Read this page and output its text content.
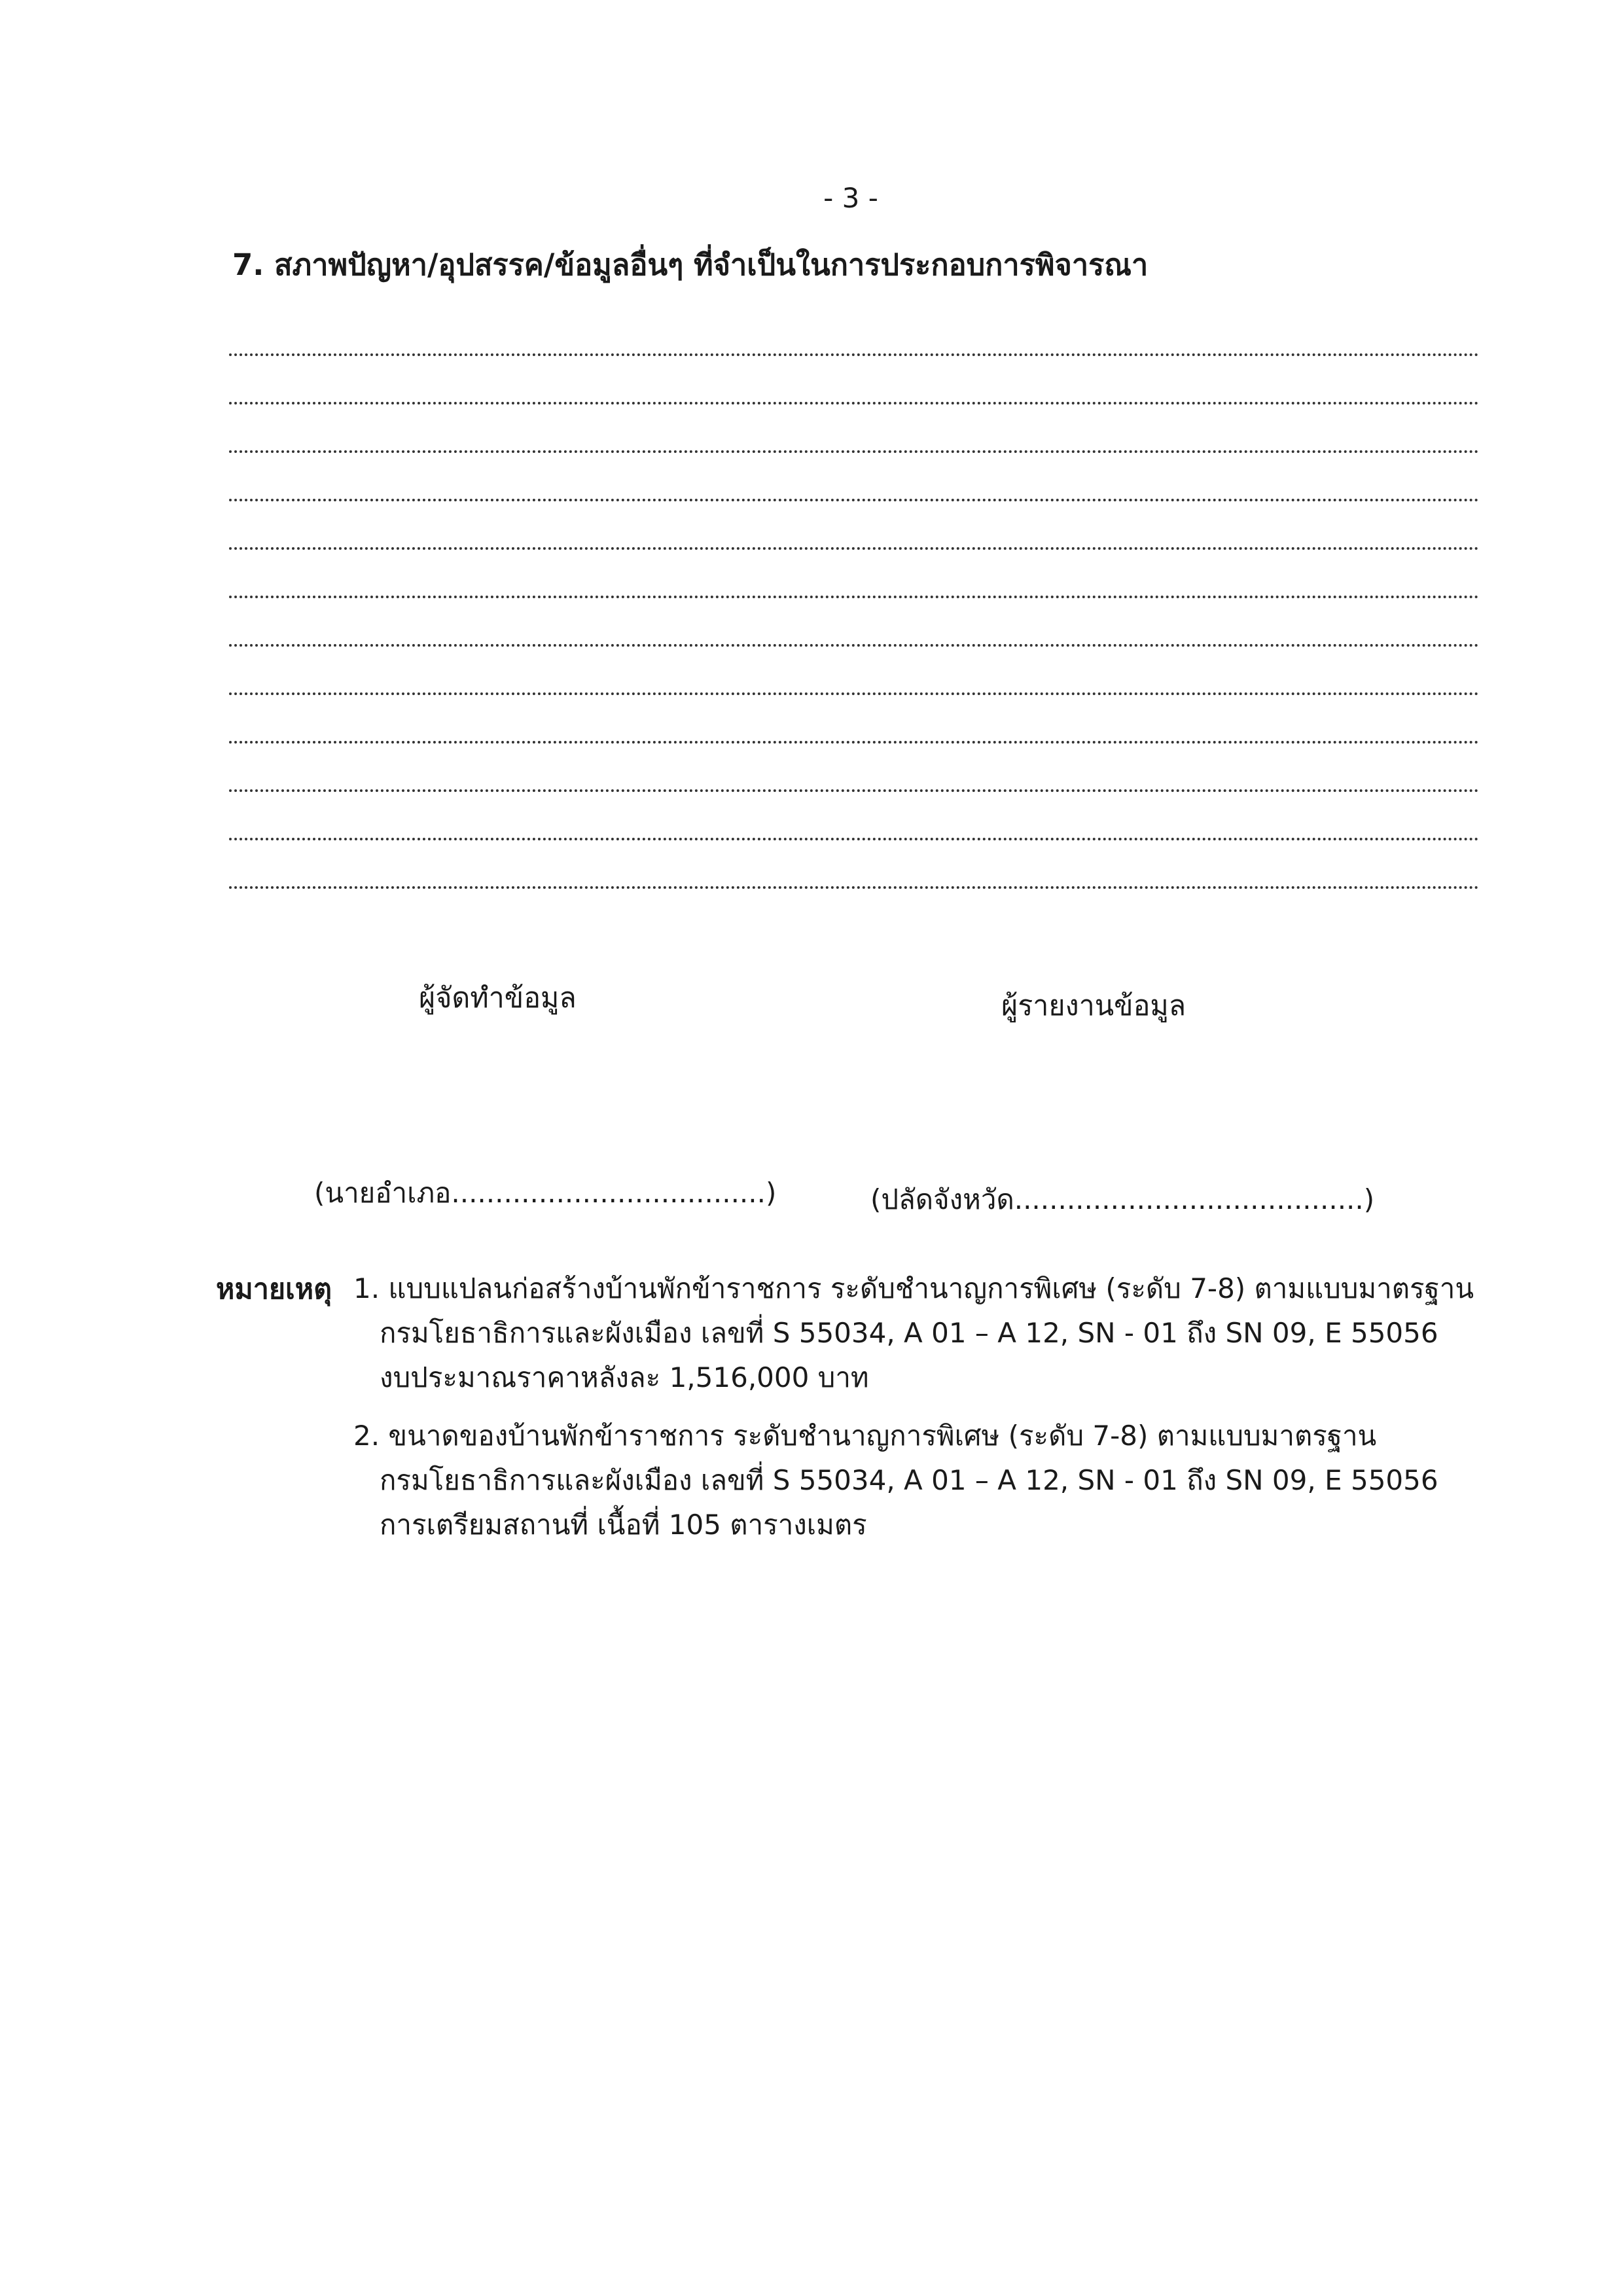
- 3 -
7. สภาพปัญหา/อุปสรรค/ข้อมูลอื่นๆ ที่จำเป็นในการประกอบการพิจารณา
ผู้จัดทำข้อมูล	ผู้รายงานข้อมูล
(นายอำเภอ....................................)	(ปลัดจังหวัด........................................)
หมายเหตุ 1. แบบแปลนก่อสร้างบ้านพักข้าราชการ ระดับชำนาญการพิเศษ (ระดับ 7-8) ตามแบบมาตรฐาน
กรมโยธาธิการและผังเมือง เลขที่ S 55034, A 01 – A 12, SN - 01 ถึง SN 09, E 55056
งบประมาณราคาหลังละ 1,516,000 บาท
2. ขนาดของบ้านพักข้าราชการ ระดับชำนาญการพิเศษ (ระดับ 7-8) ตามแบบมาตรฐาน
กรมโยธาธิการและผังเมือง เลขที่ S 55034, A 01 – A 12, SN - 01 ถึง SN 09, E 55056
การเตรียมสถานที่ เนื้อที่ 105 ตารางเมตร
